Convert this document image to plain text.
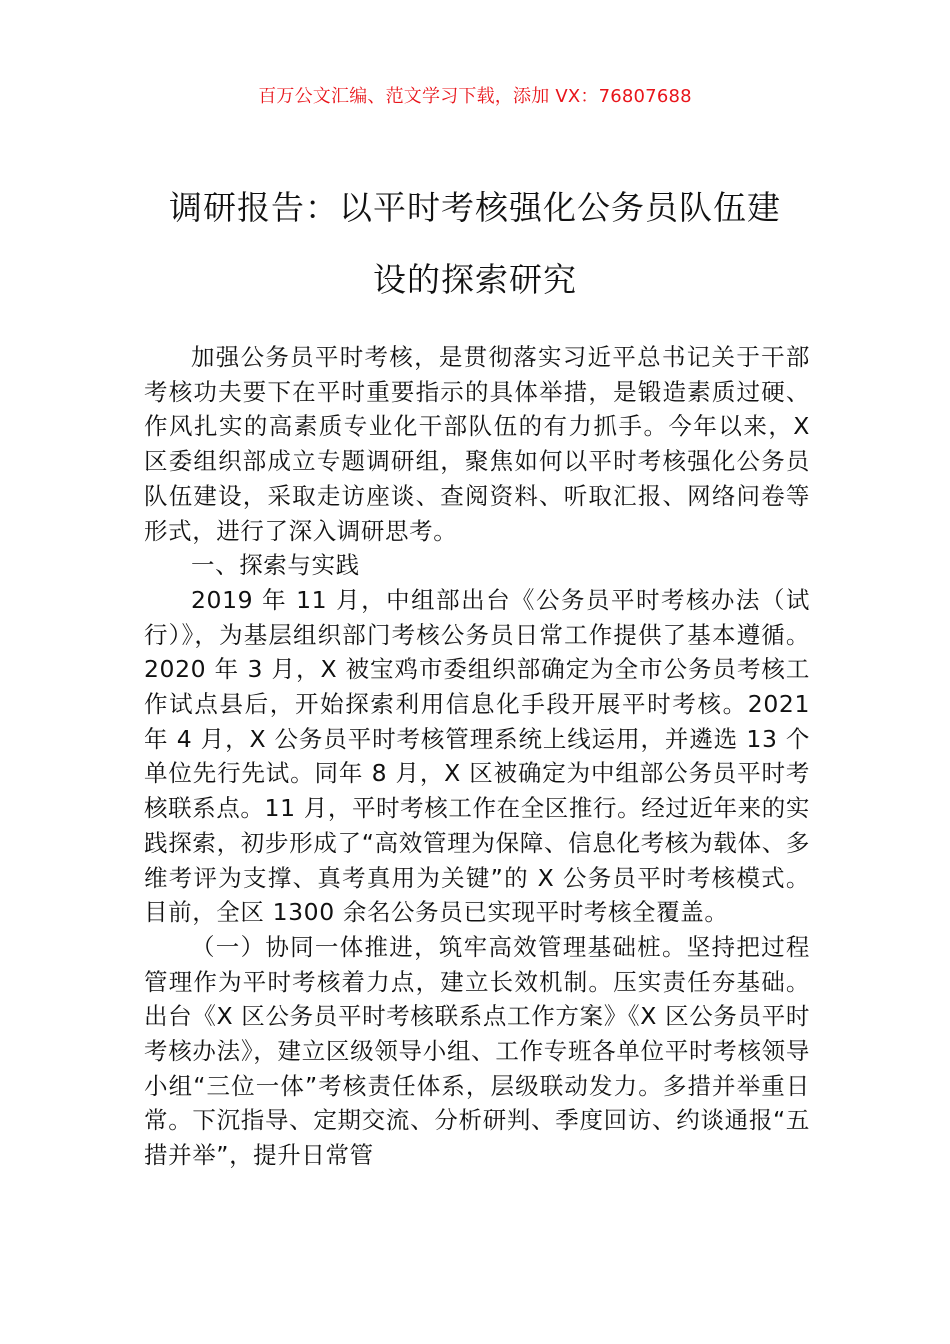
百万公文汇编、范文学习下载，添加 VX：76807688
调研报告：以平时考核强化公务员队伍建
设的探索研究

加强公务员平时考核，是贯彻落实习近平总书记关于干部考核功夫要下在平时重要指示的具体举措，是锻造素质过硬、作风扎实的高素质专业化干部队伍的有力抓手。今年以来，X 区委组织部成立专题调研组，聚焦如何以平时考核强化公务员队伍建设，采取走访座谈、查阅资料、听取汇报、网络问卷等形式，进行了深入调研思考。

一、探索与实践

2019 年 11 月，中组部出台《公务员平时考核办法（试行）》，为基层组织部门考核公务员日常工作提供了基本遵循。2020 年 3 月，X 被宝鸡市委组织部确定为全市公务员考核工作试点县后，开始探索利用信息化手段开展平时考核。2021 年 4 月，X 公务员平时考核管理系统上线运用，并遴选 13 个单位先行先试。同年 8 月，X 区被确定为中组部公务员平时考核联系点。11 月，平时考核工作在全区推行。经过近年来的实践探索，初步形成了“高效管理为保障、信息化考核为载体、多维考评为支撑、真考真用为关键”的 X 公务员平时考核模式。目前，全区 1300 余名公务员已实现平时考核全覆盖。

（一）协同一体推进，筑牢高效管理基础桩。坚持把过程管理作为平时考核着力点，建立长效机制。压实责任夯基础。出台《X 区公务员平时考核联系点工作方案》《X 区公务员平时考核办法》，建立区级领导小组、工作专班各单位平时考核领导小组“三位一体”考核责任体系，层级联动发力。多措并举重日常。下沉指导、定期交流、分析研判、季度回访、约谈通报“五措并举”，提升日常管
